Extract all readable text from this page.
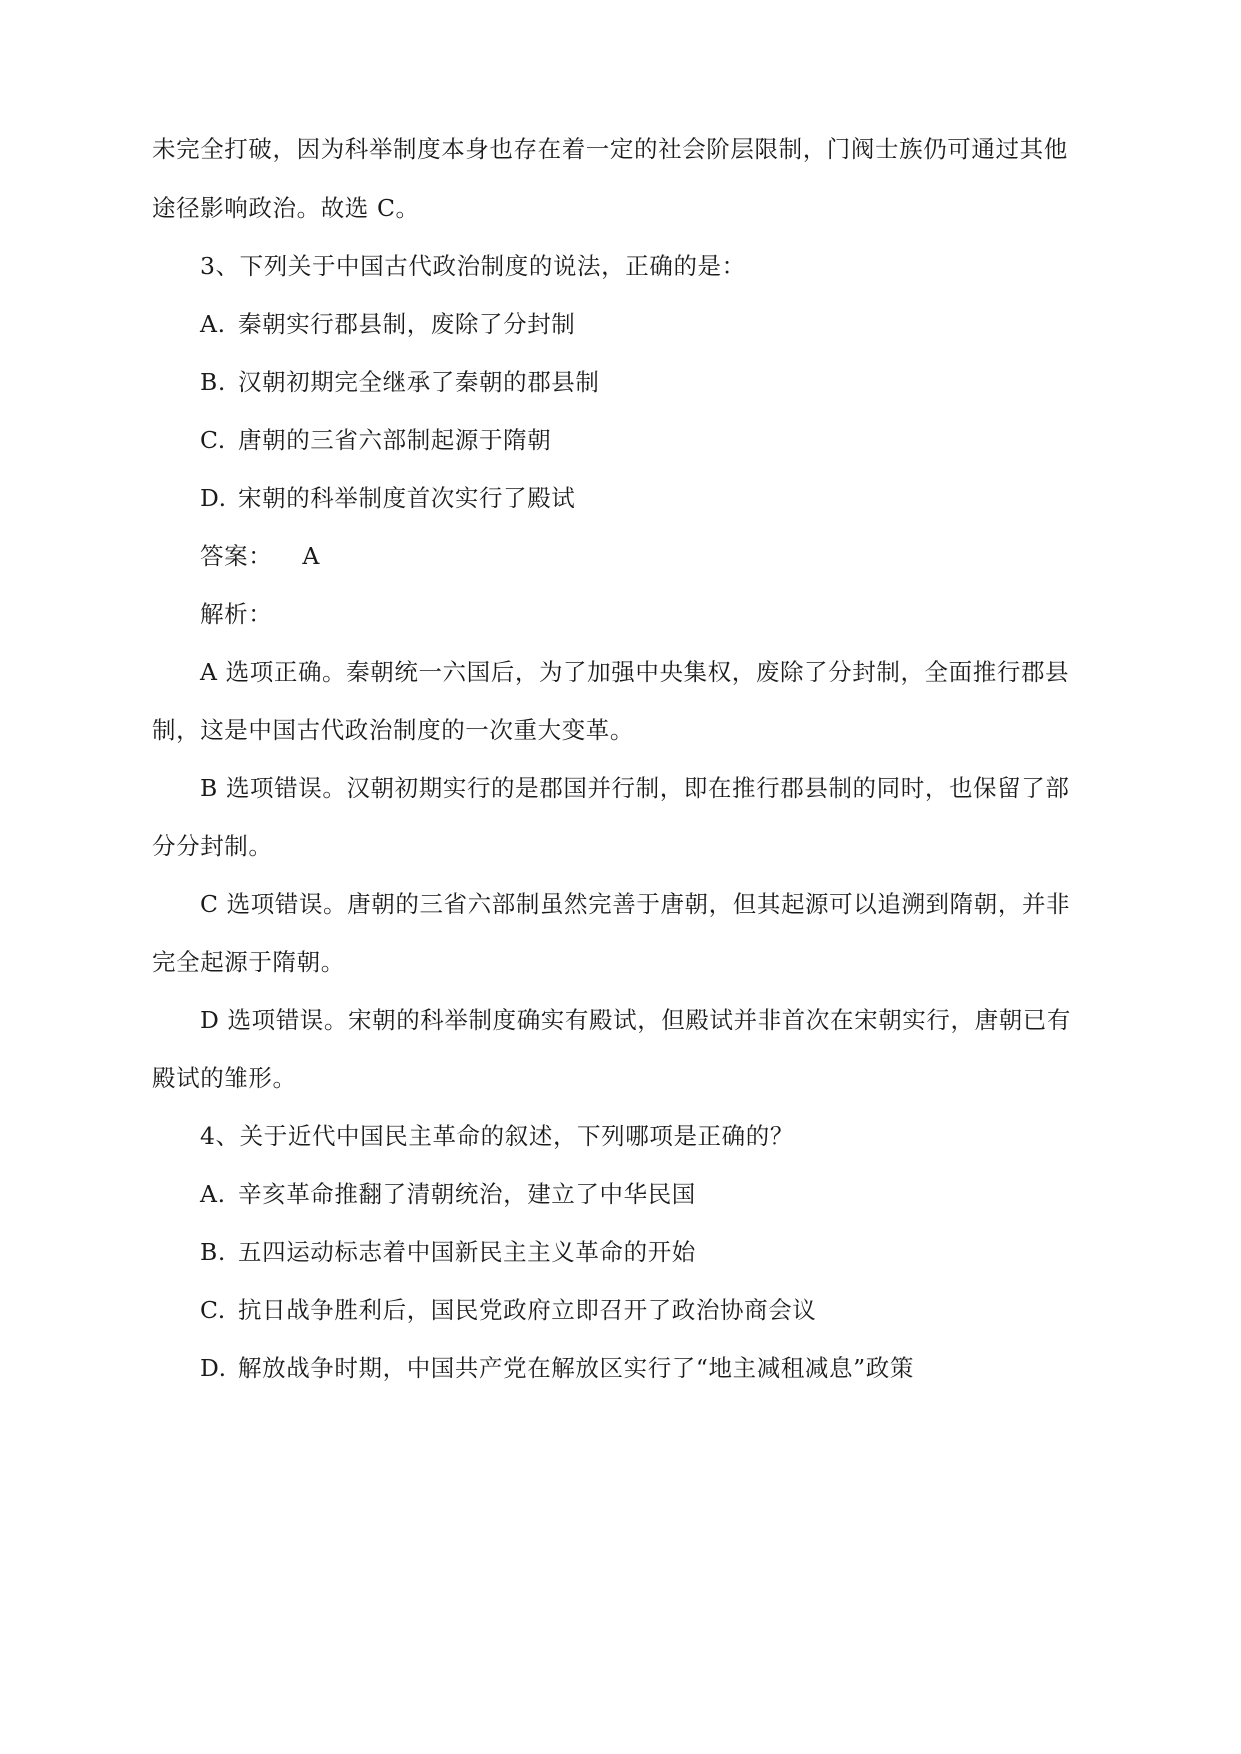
未完全打破，因为科举制度本身也存在着一定的社会阶层限制，门阀士族仍可通过其他
途径影响政治。故选 C。
3、下列关于中国古代政治制度的说法，正确的是：
A. 秦朝实行郡县制，废除了分封制
B. 汉朝初期完全继承了秦朝的郡县制
C. 唐朝的三省六部制起源于隋朝
D. 宋朝的科举制度首次实行了殿试
答案： A
解析：
A 选项正确。秦朝统一六国后，为了加强中央集权，废除了分封制，全面推行郡县
制，这是中国古代政治制度的一次重大变革。
B 选项错误。汉朝初期实行的是郡国并行制，即在推行郡县制的同时，也保留了部
分分封制。
C 选项错误。唐朝的三省六部制虽然完善于唐朝，但其起源可以追溯到隋朝，并非
完全起源于隋朝。
D 选项错误。宋朝的科举制度确实有殿试，但殿试并非首次在宋朝实行，唐朝已有
殿试的雏形。
4、关于近代中国民主革命的叙述，下列哪项是正确的？
A. 辛亥革命推翻了清朝统治，建立了中华民国
B. 五四运动标志着中国新民主主义革命的开始
C. 抗日战争胜利后，国民党政府立即召开了政治协商会议
D. 解放战争时期，中国共产党在解放区实行了“地主减租减息”政策
